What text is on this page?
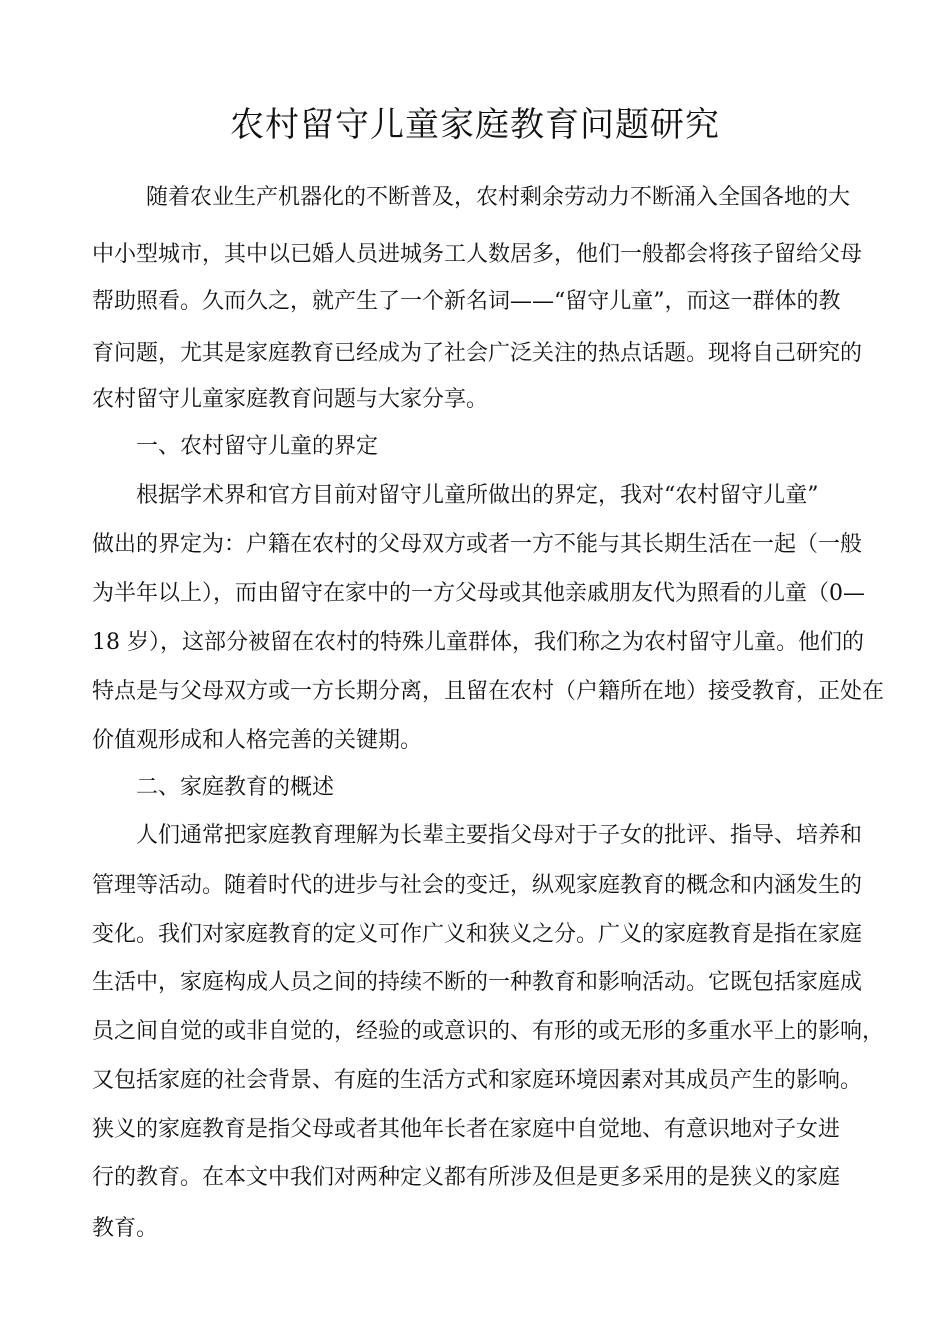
农村留守儿童家庭教育问题研究
随着农业生产机器化的不断普及，农村剩余劳动力不断涌入全国各地的大
中小型城市，其中以已婚人员进城务工人数居多，他们一般都会将孩子留给父母
帮助照看。久而久之，就产生了一个新名词——“留守儿童”，而这一群体的教
育问题，尤其是家庭教育已经成为了社会广泛关注的热点话题。现将自己研究的
农村留守儿童家庭教育问题与大家分享。
一、农村留守儿童的界定
根据学术界和官方目前对留守儿童所做出的界定，我对“农村留守儿童”
做出的界定为：户籍在农村的父母双方或者一方不能与其长期生活在一起（一般
为半年以上），而由留守在家中的一方父母或其他亲戚朋友代为照看的儿童（0—
18 岁），这部分被留在农村的特殊儿童群体，我们称之为农村留守儿童。他们的
特点是与父母双方或一方长期分离，且留在农村（户籍所在地）接受教育，正处在
价值观形成和人格完善的关键期。
二、家庭教育的概述
人们通常把家庭教育理解为长辈主要指父母对于子女的批评、指导、培养和
管理等活动。随着时代的进步与社会的变迁，纵观家庭教育的概念和内涵发生的
变化。我们对家庭教育的定义可作广义和狭义之分。广义的家庭教育是指在家庭
生活中，家庭构成人员之间的持续不断的一种教育和影响活动。它既包括家庭成
员之间自觉的或非自觉的，经验的或意识的、有形的或无形的多重水平上的影响，
又包括家庭的社会背景、有庭的生活方式和家庭环境因素对其成员产生的影响。
狭义的家庭教育是指父母或者其他年长者在家庭中自觉地、有意识地对子女进
行的教育。在本文中我们对两种定义都有所涉及但是更多采用的是狭义的家庭
教育。
